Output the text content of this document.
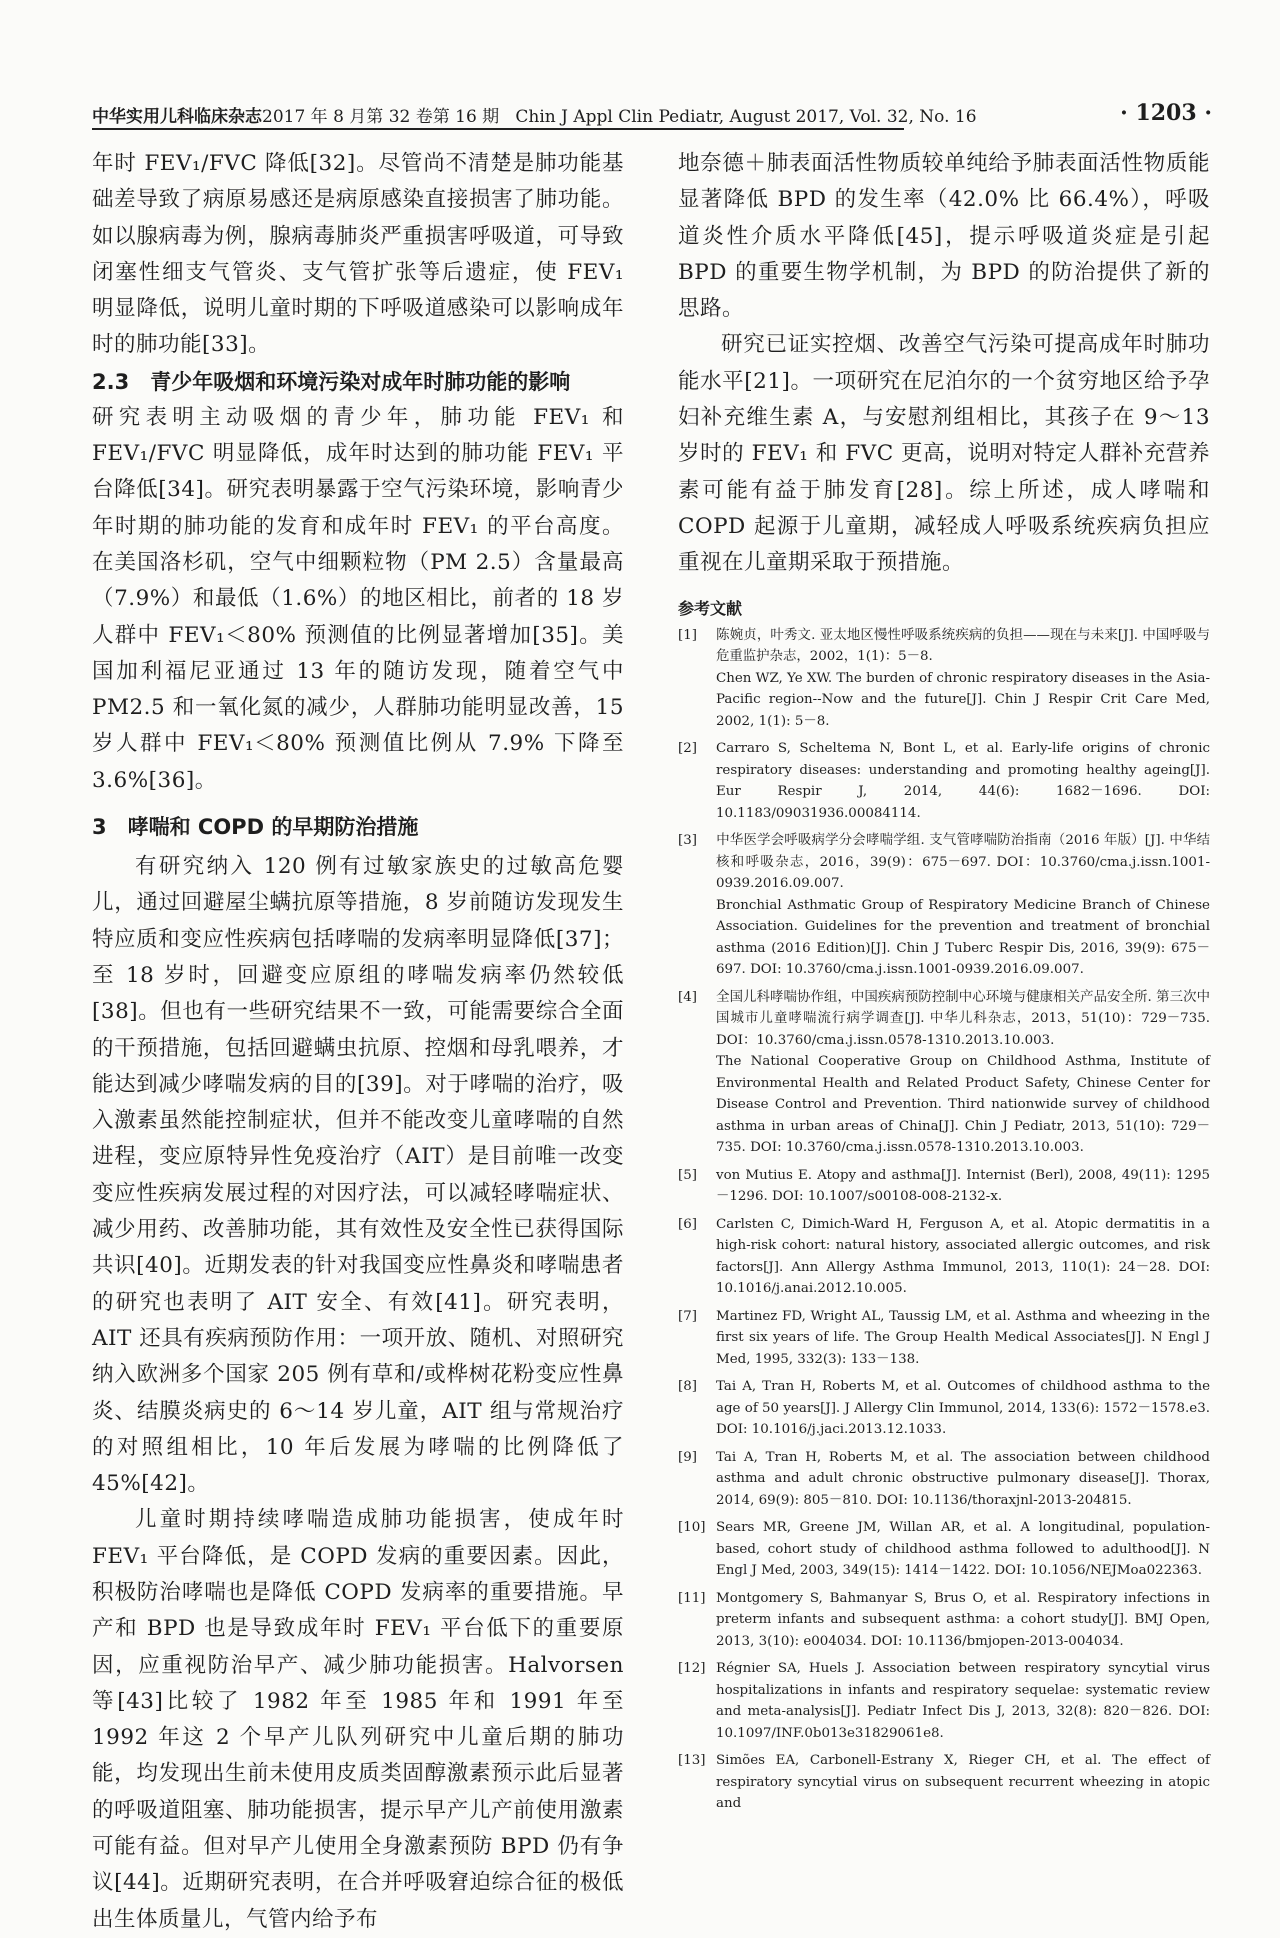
中华实用儿科临床杂志2017 年 8 月第 32 卷第 16 期 Chin J Appl Clin Pediatr, August 2017, Vol. 32, No. 16	· 1203 ·

年时 FEV₁/FVC 降低[32]。尽管尚不清楚是肺功能基础差导致了病原易感还是病原感染直接损害了肺功能。如以腺病毒为例，腺病毒肺炎严重损害呼吸道，可导致闭塞性细支气管炎、支气管扩张等后遗症，使 FEV₁ 明显降低，说明儿童时期的下呼吸道感染可以影响成年时的肺功能[33]。

2.3　青少年吸烟和环境污染对成年时肺功能的影响

研究表明主动吸烟的青少年，肺功能 FEV₁ 和 FEV₁/FVC 明显降低，成年时达到的肺功能 FEV₁ 平台降低[34]。研究表明暴露于空气污染环境，影响青少年时期的肺功能的发育和成年时 FEV₁ 的平台高度。在美国洛杉矶，空气中细颗粒物（PM 2.5）含量最高（7.9%）和最低（1.6%）的地区相比，前者的 18 岁人群中 FEV₁＜80% 预测值的比例显著增加[35]。美国加利福尼亚通过 13 年的随访发现，随着空气中 PM2.5 和一氧化氮的减少，人群肺功能明显改善，15 岁人群中 FEV₁＜80% 预测值比例从 7.9% 下降至 3.6%[36]。

3　哮喘和 COPD 的早期防治措施

有研究纳入 120 例有过敏家族史的过敏高危婴儿，通过回避屋尘螨抗原等措施，8 岁前随访发现发生特应质和变应性疾病包括哮喘的发病率明显降低[37]；至 18 岁时，回避变应原组的哮喘发病率仍然较低[38]。但也有一些研究结果不一致，可能需要综合全面的干预措施，包括回避螨虫抗原、控烟和母乳喂养，才能达到减少哮喘发病的目的[39]。对于哮喘的治疗，吸入激素虽然能控制症状，但并不能改变儿童哮喘的自然进程，变应原特异性免疫治疗（AIT）是目前唯一改变变应性疾病发展过程的对因疗法，可以减轻哮喘症状、减少用药、改善肺功能，其有效性及安全性已获得国际共识[40]。近期发表的针对我国变应性鼻炎和哮喘患者的研究也表明了 AIT 安全、有效[41]。研究表明，AIT 还具有疾病预防作用：一项开放、随机、对照研究纳入欧洲多个国家 205 例有草和/或桦树花粉变应性鼻炎、结膜炎病史的 6～14 岁儿童，AIT 组与常规治疗的对照组相比，10 年后发展为哮喘的比例降低了 45%[42]。

儿童时期持续哮喘造成肺功能损害，使成年时 FEV₁ 平台降低，是 COPD 发病的重要因素。因此，积极防治哮喘也是降低 COPD 发病率的重要措施。早产和 BPD 也是导致成年时 FEV₁ 平台低下的重要原因，应重视防治早产、减少肺功能损害。Halvorsen 等[43]比较了 1982 年至 1985 年和 1991 年至 1992 年这 2 个早产儿队列研究中儿童后期的肺功能，均发现出生前未使用皮质类固醇激素预示此后显著的呼吸道阻塞、肺功能损害，提示早产儿产前使用激素可能有益。但对早产儿使用全身激素预防 BPD 仍有争议[44]。近期研究表明，在合并呼吸窘迫综合征的极低出生体质量儿，气管内给予布

地奈德＋肺表面活性物质较单纯给予肺表面活性物质能显著降低 BPD 的发生率（42.0% 比 66.4%），呼吸道炎性介质水平降低[45]，提示呼吸道炎症是引起 BPD 的重要生物学机制，为 BPD 的防治提供了新的思路。

研究已证实控烟、改善空气污染可提高成年时肺功能水平[21]。一项研究在尼泊尔的一个贫穷地区给予孕妇补充维生素 A，与安慰剂组相比，其孩子在 9～13 岁时的 FEV₁ 和 FVC 更高，说明对特定人群补充营养素可能有益于肺发育[28]。综上所述，成人哮喘和 COPD 起源于儿童期，减轻成人呼吸系统疾病负担应重视在儿童期采取于预措施。

参考文献
[1] 陈婉贞，叶秀文. 亚太地区慢性呼吸系统疾病的负担——现在与未来[J]. 中国呼吸与危重监护杂志，2002，1(1)：5－8.
Chen WZ, Ye XW. The burden of chronic respiratory diseases in the Asia-Pacific region--Now and the future[J]. Chin J Respir Crit Care Med, 2002, 1(1): 5－8.
[2] Carraro S, Scheltema N, Bont L, et al. Early-life origins of chronic respiratory diseases: understanding and promoting healthy ageing[J]. Eur Respir J, 2014, 44(6): 1682－1696. DOI: 10.1183/09031936.00084114.
[3] 中华医学会呼吸病学分会哮喘学组. 支气管哮喘防治指南（2016 年版）[J]. 中华结核和呼吸杂志，2016，39(9)：675－697. DOI：10.3760/cma.j.issn.1001-0939.2016.09.007.
Bronchial Asthmatic Group of Respiratory Medicine Branch of Chinese Association. Guidelines for the prevention and treatment of bronchial asthma (2016 Edition)[J]. Chin J Tuberc Respir Dis, 2016, 39(9): 675－697. DOI: 10.3760/cma.j.issn.1001-0939.2016.09.007.
[4] 全国儿科哮喘协作组，中国疾病预防控制中心环境与健康相关产品安全所. 第三次中国城市儿童哮喘流行病学调查[J]. 中华儿科杂志，2013，51(10)：729－735. DOI：10.3760/cma.j.issn.0578-1310.2013.10.003.
The National Cooperative Group on Childhood Asthma, Institute of Environmental Health and Related Product Safety, Chinese Center for Disease Control and Prevention. Third nationwide survey of childhood asthma in urban areas of China[J]. Chin J Pediatr, 2013, 51(10): 729－735. DOI: 10.3760/cma.j.issn.0578-1310.2013.10.003.
[5] von Mutius E. Atopy and asthma[J]. Internist (Berl), 2008, 49(11): 1295－1296. DOI: 10.1007/s00108-008-2132-x.
[6] Carlsten C, Dimich-Ward H, Ferguson A, et al. Atopic dermatitis in a high-risk cohort: natural history, associated allergic outcomes, and risk factors[J]. Ann Allergy Asthma Immunol, 2013, 110(1): 24－28. DOI: 10.1016/j.anai.2012.10.005.
[7] Martinez FD, Wright AL, Taussig LM, et al. Asthma and wheezing in the first six years of life. The Group Health Medical Associates[J]. N Engl J Med, 1995, 332(3): 133－138.
[8] Tai A, Tran H, Roberts M, et al. Outcomes of childhood asthma to the age of 50 years[J]. J Allergy Clin Immunol, 2014, 133(6): 1572－1578.e3. DOI: 10.1016/j.jaci.2013.12.1033.
[9] Tai A, Tran H, Roberts M, et al. The association between childhood asthma and adult chronic obstructive pulmonary disease[J]. Thorax, 2014, 69(9): 805－810. DOI: 10.1136/thoraxjnl-2013-204815.
[10] Sears MR, Greene JM, Willan AR, et al. A longitudinal, population-based, cohort study of childhood asthma followed to adulthood[J]. N Engl J Med, 2003, 349(15): 1414－1422. DOI: 10.1056/NEJMoa022363.
[11] Montgomery S, Bahmanyar S, Brus O, et al. Respiratory infections in preterm infants and subsequent asthma: a cohort study[J]. BMJ Open, 2013, 3(10): e004034. DOI: 10.1136/bmjopen-2013-004034.
[12] Régnier SA, Huels J. Association between respiratory syncytial virus hospitalizations in infants and respiratory sequelae: systematic review and meta-analysis[J]. Pediatr Infect Dis J, 2013, 32(8): 820－826. DOI: 10.1097/INF.0b013e31829061e8.
[13] Simões EA, Carbonell-Estrany X, Rieger CH, et al. The effect of respiratory syncytial virus on subsequent recurrent wheezing in atopic and
